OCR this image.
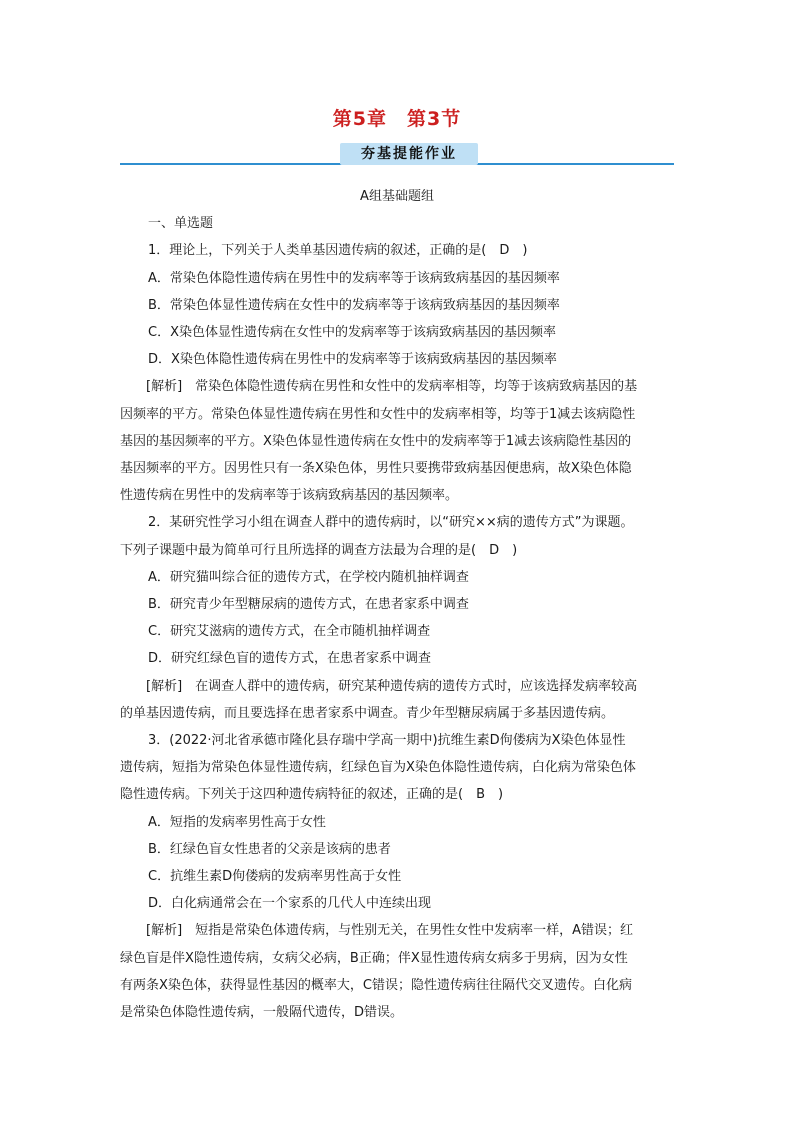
第5章　第3节
夯基提能作业
A组基础题组
一、单选题
1．理论上，下列关于人类单基因遗传病的叙述，正确的是(　D　)
A．常染色体隐性遗传病在男性中的发病率等于该病致病基因的基因频率
B．常染色体显性遗传病在女性中的发病率等于该病致病基因的基因频率
C．X染色体显性遗传病在女性中的发病率等于该病致病基因的基因频率
D．X染色体隐性遗传病在男性中的发病率等于该病致病基因的基因频率
[解析]　常染色体隐性遗传病在男性和女性中的发病率相等，均等于该病致病基因的基
因频率的平方。常染色体显性遗传病在男性和女性中的发病率相等，均等于1减去该病隐性
基因的基因频率的平方。X染色体显性遗传病在女性中的发病率等于1减去该病隐性基因的
基因频率的平方。因男性只有一条X染色体，男性只要携带致病基因便患病，故X染色体隐
性遗传病在男性中的发病率等于该病致病基因的基因频率。
2．某研究性学习小组在调查人群中的遗传病时，以“研究××病的遗传方式”为课题。
下列子课题中最为简单可行且所选择的调查方法最为合理的是(　D　)
A．研究猫叫综合征的遗传方式，在学校内随机抽样调查
B．研究青少年型糖尿病的遗传方式，在患者家系中调查
C．研究艾滋病的遗传方式，在全市随机抽样调查
D．研究红绿色盲的遗传方式，在患者家系中调查
[解析]　在调查人群中的遗传病，研究某种遗传病的遗传方式时，应该选择发病率较高
的单基因遗传病，而且要选择在患者家系中调查。青少年型糖尿病属于多基因遗传病。
3．(2022·河北省承德市隆化县存瑞中学高一期中)抗维生素D佝偻病为X染色体显性
遗传病，短指为常染色体显性遗传病，红绿色盲为X染色体隐性遗传病，白化病为常染色体
隐性遗传病。下列关于这四种遗传病特征的叙述，正确的是(　B　)
A．短指的发病率男性高于女性
B．红绿色盲女性患者的父亲是该病的患者
C．抗维生素D佝偻病的发病率男性高于女性
D．白化病通常会在一个家系的几代人中连续出现
[解析]　短指是常染色体遗传病，与性别无关，在男性女性中发病率一样，A错误；红
绿色盲是伴X隐性遗传病，女病父必病，B正确；伴X显性遗传病女病多于男病，因为女性
有两条X染色体，获得显性基因的概率大，C错误；隐性遗传病往往隔代交叉遗传。白化病
是常染色体隐性遗传病，一般隔代遗传，D错误。
